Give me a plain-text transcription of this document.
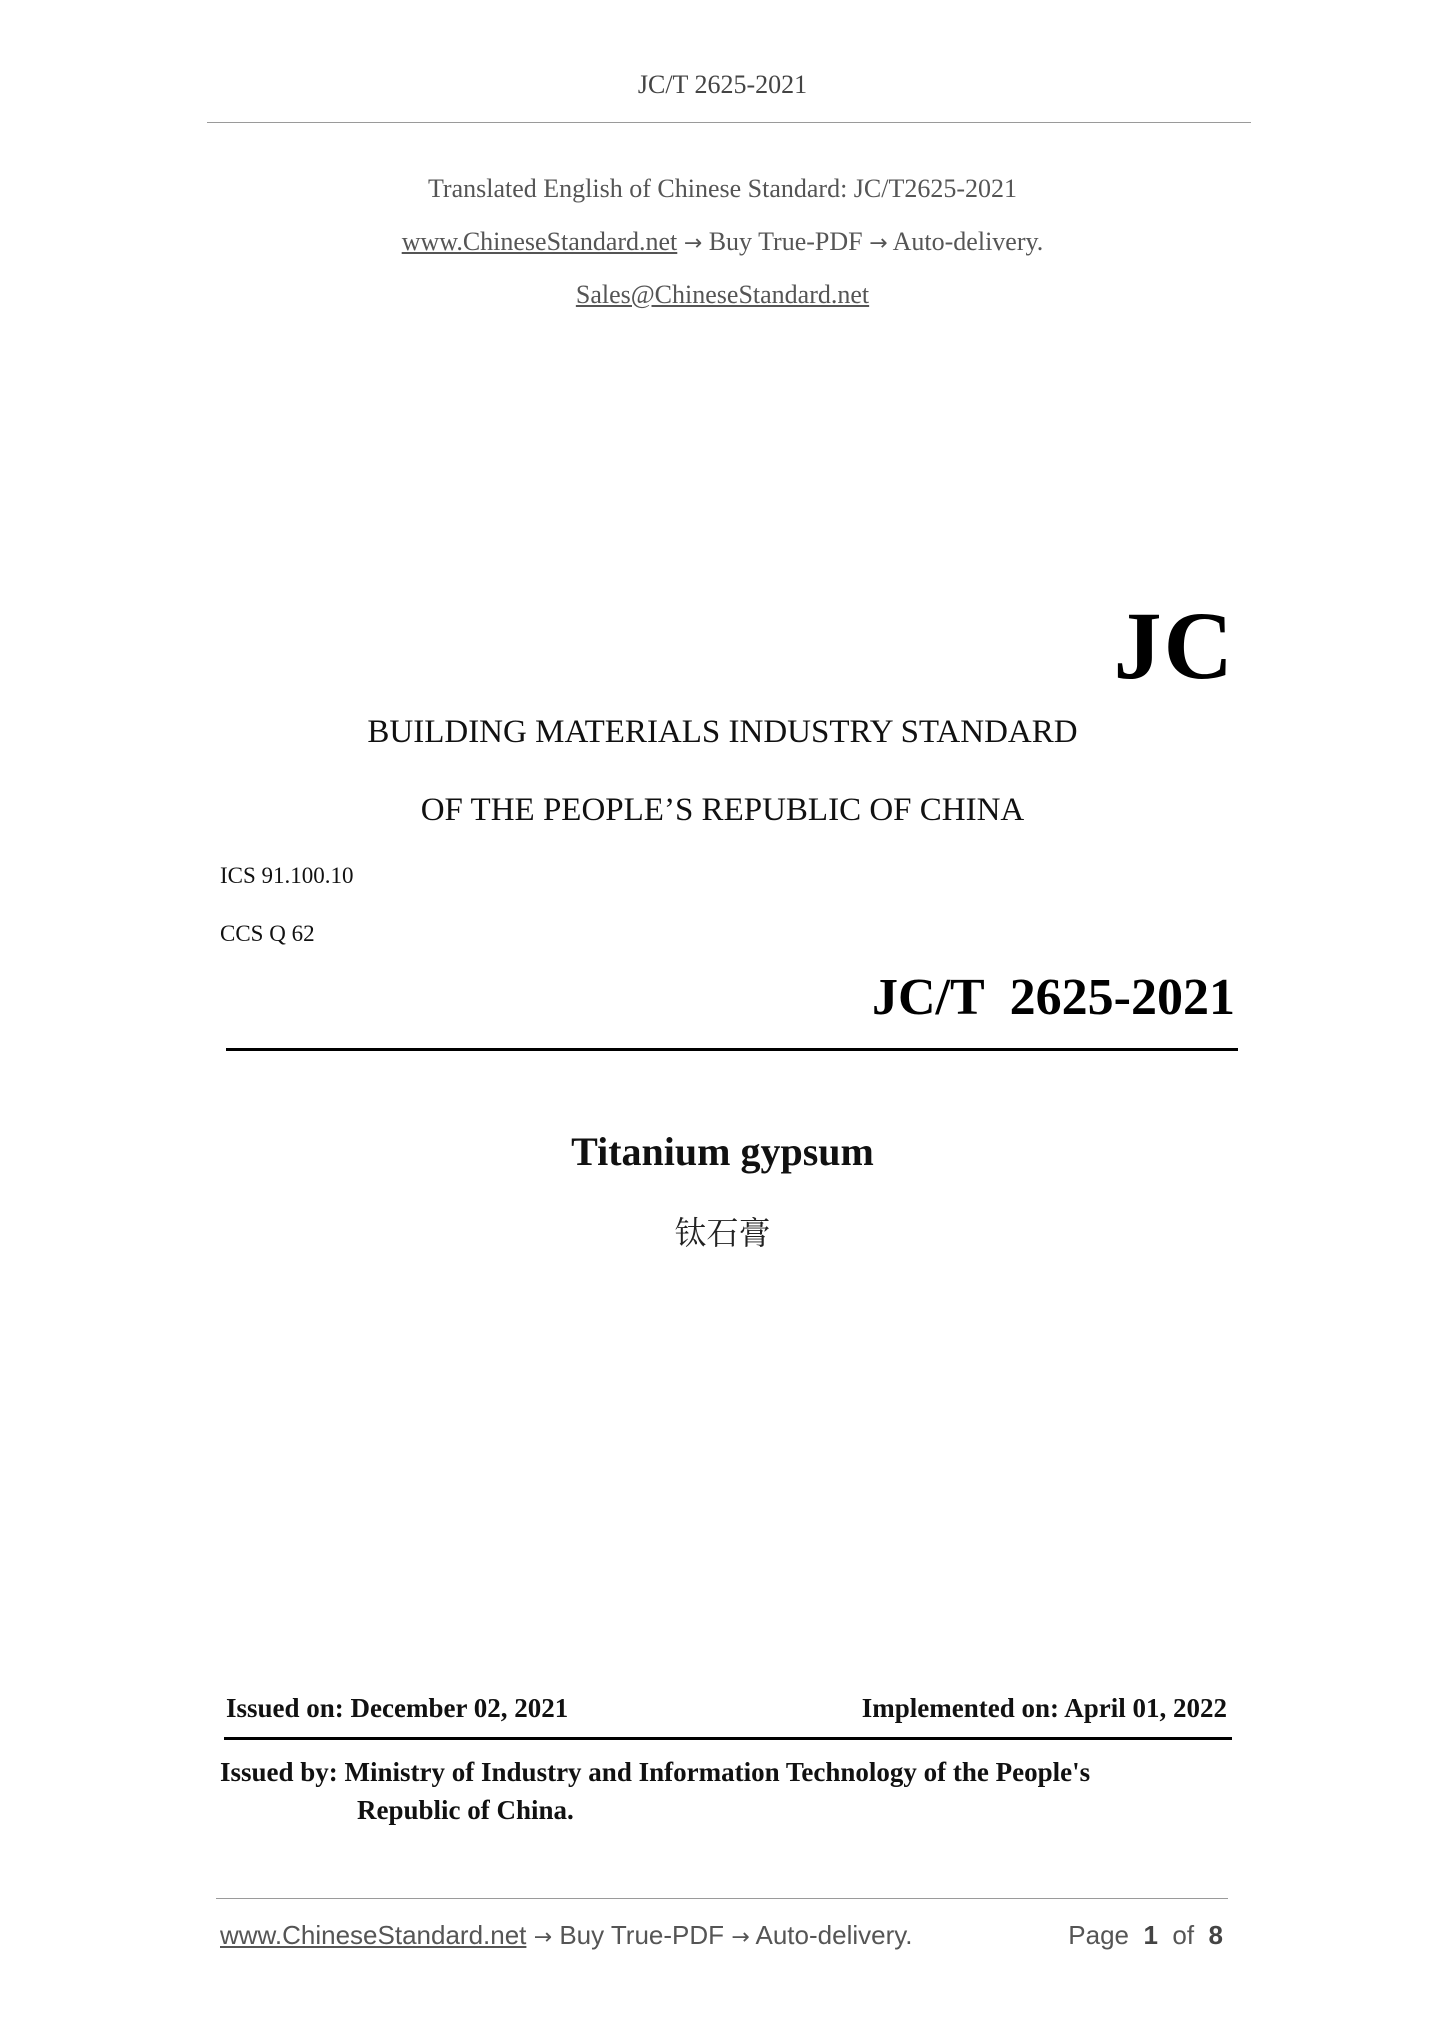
JC/T 2625-2021
Translated English of Chinese Standard: JC/T2625-2021
www.ChineseStandard.net → Buy True-PDF → Auto-delivery.
Sales@ChineseStandard.net
JC
BUILDING MATERIALS INDUSTRY STANDARD
OF THE PEOPLE’S REPUBLIC OF CHINA
ICS 91.100.10
CCS Q 62
JC/T  2625-2021
Titanium gypsum
钛石膏
Issued on: December 02, 2021	Implemented on: April 01, 2022
Issued by: Ministry of Industry and Information Technology of the People's
Republic of China.
www.ChineseStandard.net → Buy True-PDF → Auto-delivery.	Page 1 of 8
